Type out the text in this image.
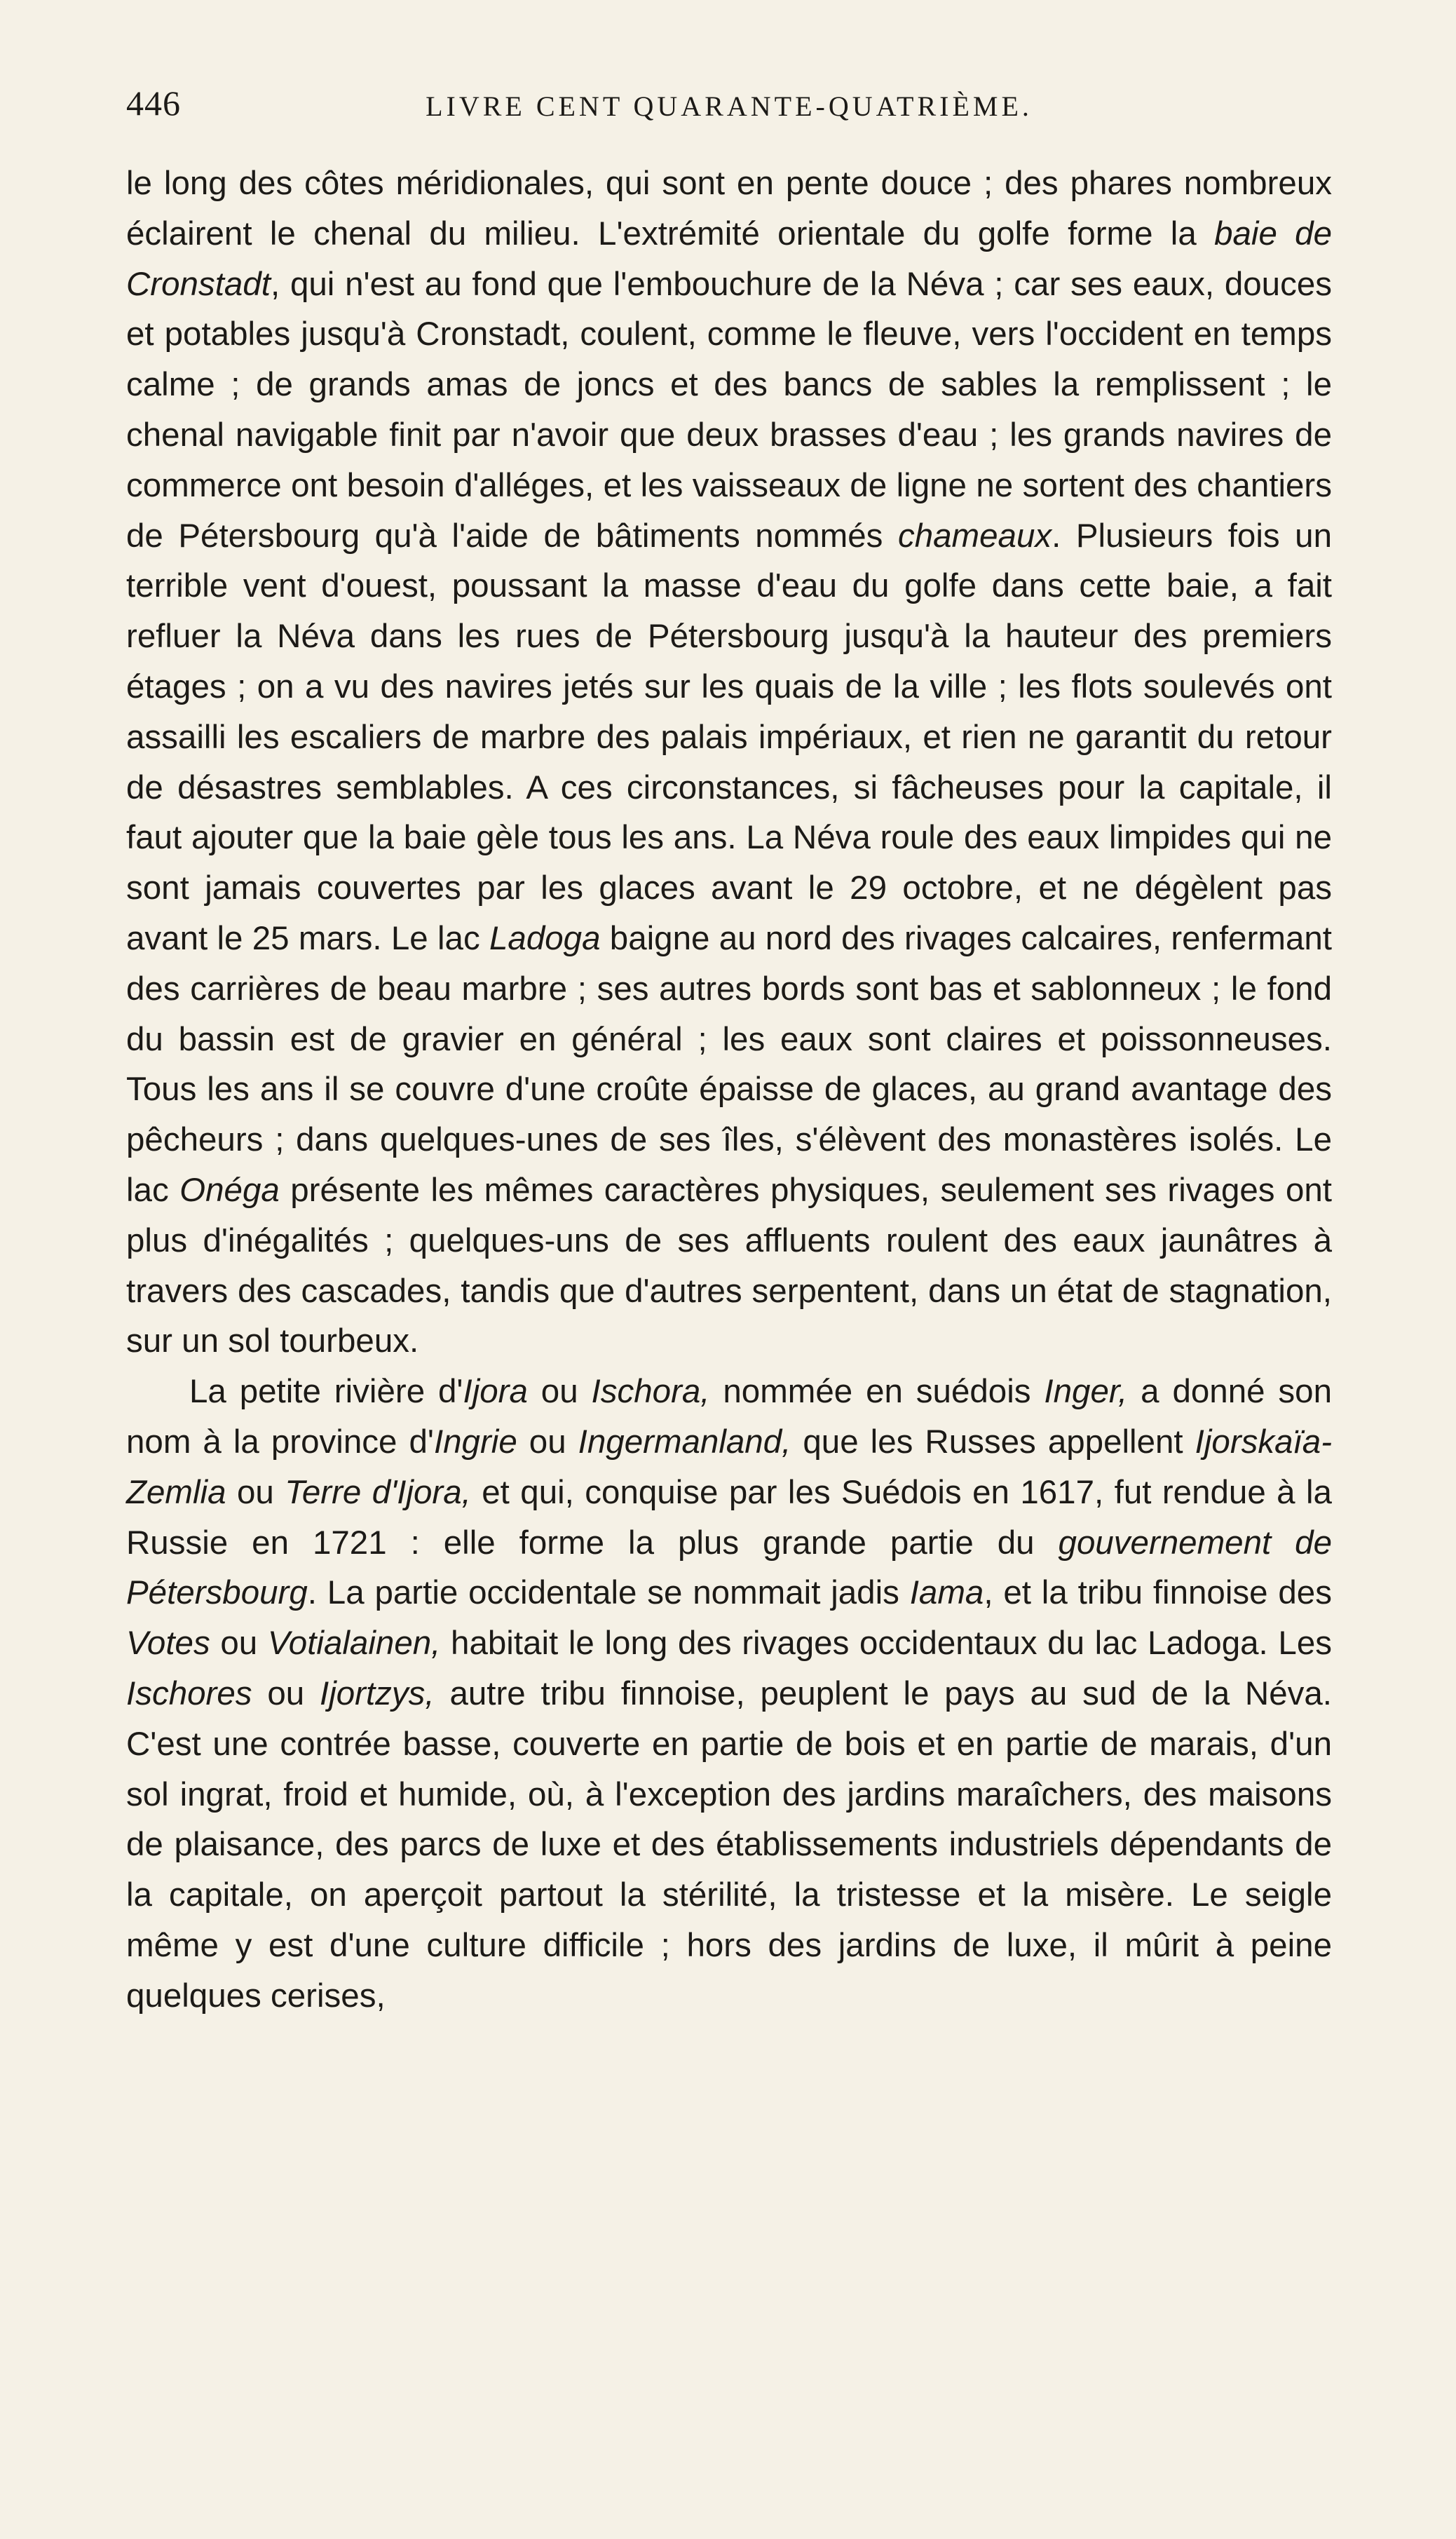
446	LIVRE CENT QUARANTE-QUATRIÈME.

le long des côtes méridionales, qui sont en pente douce ; des phares nombreux éclairent le chenal du milieu. L'extrémité orientale du golfe forme la baie de Cronstadt, qui n'est au fond que l'embouchure de la Néva ; car ses eaux, douces et potables jusqu'à Cronstadt, coulent, comme le fleuve, vers l'occident en temps calme ; de grands amas de joncs et des bancs de sables la remplissent ; le chenal navigable finit par n'avoir que deux brasses d'eau ; les grands navires de commerce ont besoin d'alléges, et les vaisseaux de ligne ne sortent des chantiers de Pétersbourg qu'à l'aide de bâtiments nommés chameaux. Plusieurs fois un terrible vent d'ouest, poussant la masse d'eau du golfe dans cette baie, a fait refluer la Néva dans les rues de Pétersbourg jusqu'à la hauteur des premiers étages ; on a vu des navires jetés sur les quais de la ville ; les flots soulevés ont assailli les escaliers de marbre des palais impériaux, et rien ne garantit du retour de désastres semblables. A ces circonstances, si fâcheuses pour la capitale, il faut ajouter que la baie gèle tous les ans. La Néva roule des eaux limpides qui ne sont jamais couvertes par les glaces avant le 29 octobre, et ne dégèlent pas avant le 25 mars. Le lac Ladoga baigne au nord des rivages calcaires, renfermant des carrières de beau marbre ; ses autres bords sont bas et sablonneux ; le fond du bassin est de gravier en général ; les eaux sont claires et poissonneuses. Tous les ans il se couvre d'une croûte épaisse de glaces, au grand avantage des pêcheurs ; dans quelques-unes de ses îles, s'élèvent des monastères isolés. Le lac Onéga présente les mêmes caractères physiques, seulement ses rivages ont plus d'inégalités ; quelques-uns de ses affluents roulent des eaux jaunâtres à travers des cascades, tandis que d'autres serpentent, dans un état de stagnation, sur un sol tourbeux.

La petite rivière d'Ijora ou Ischora, nommée en suédois Inger, a donné son nom à la province d'Ingrie ou Ingermanland, que les Russes appellent Ijorskaïa-Zemlia ou Terre d'Ijora, et qui, conquise par les Suédois en 1617, fut rendue à la Russie en 1721 : elle forme la plus grande partie du gouvernement de Pétersbourg. La partie occidentale se nommait jadis Iama, et la tribu finnoise des Votes ou Votialainen, habitait le long des rivages occidentaux du lac Ladoga. Les Ischores ou Ijortzys, autre tribu finnoise, peuplent le pays au sud de la Néva. C'est une contrée basse, couverte en partie de bois et en partie de marais, d'un sol ingrat, froid et humide, où, à l'exception des jardins maraîchers, des maisons de plaisance, des parcs de luxe et des établissements industriels dépendants de la capitale, on aperçoit partout la stérilité, la tristesse et la misère. Le seigle même y est d'une culture difficile ; hors des jardins de luxe, il mûrit à peine quelques cerises,
